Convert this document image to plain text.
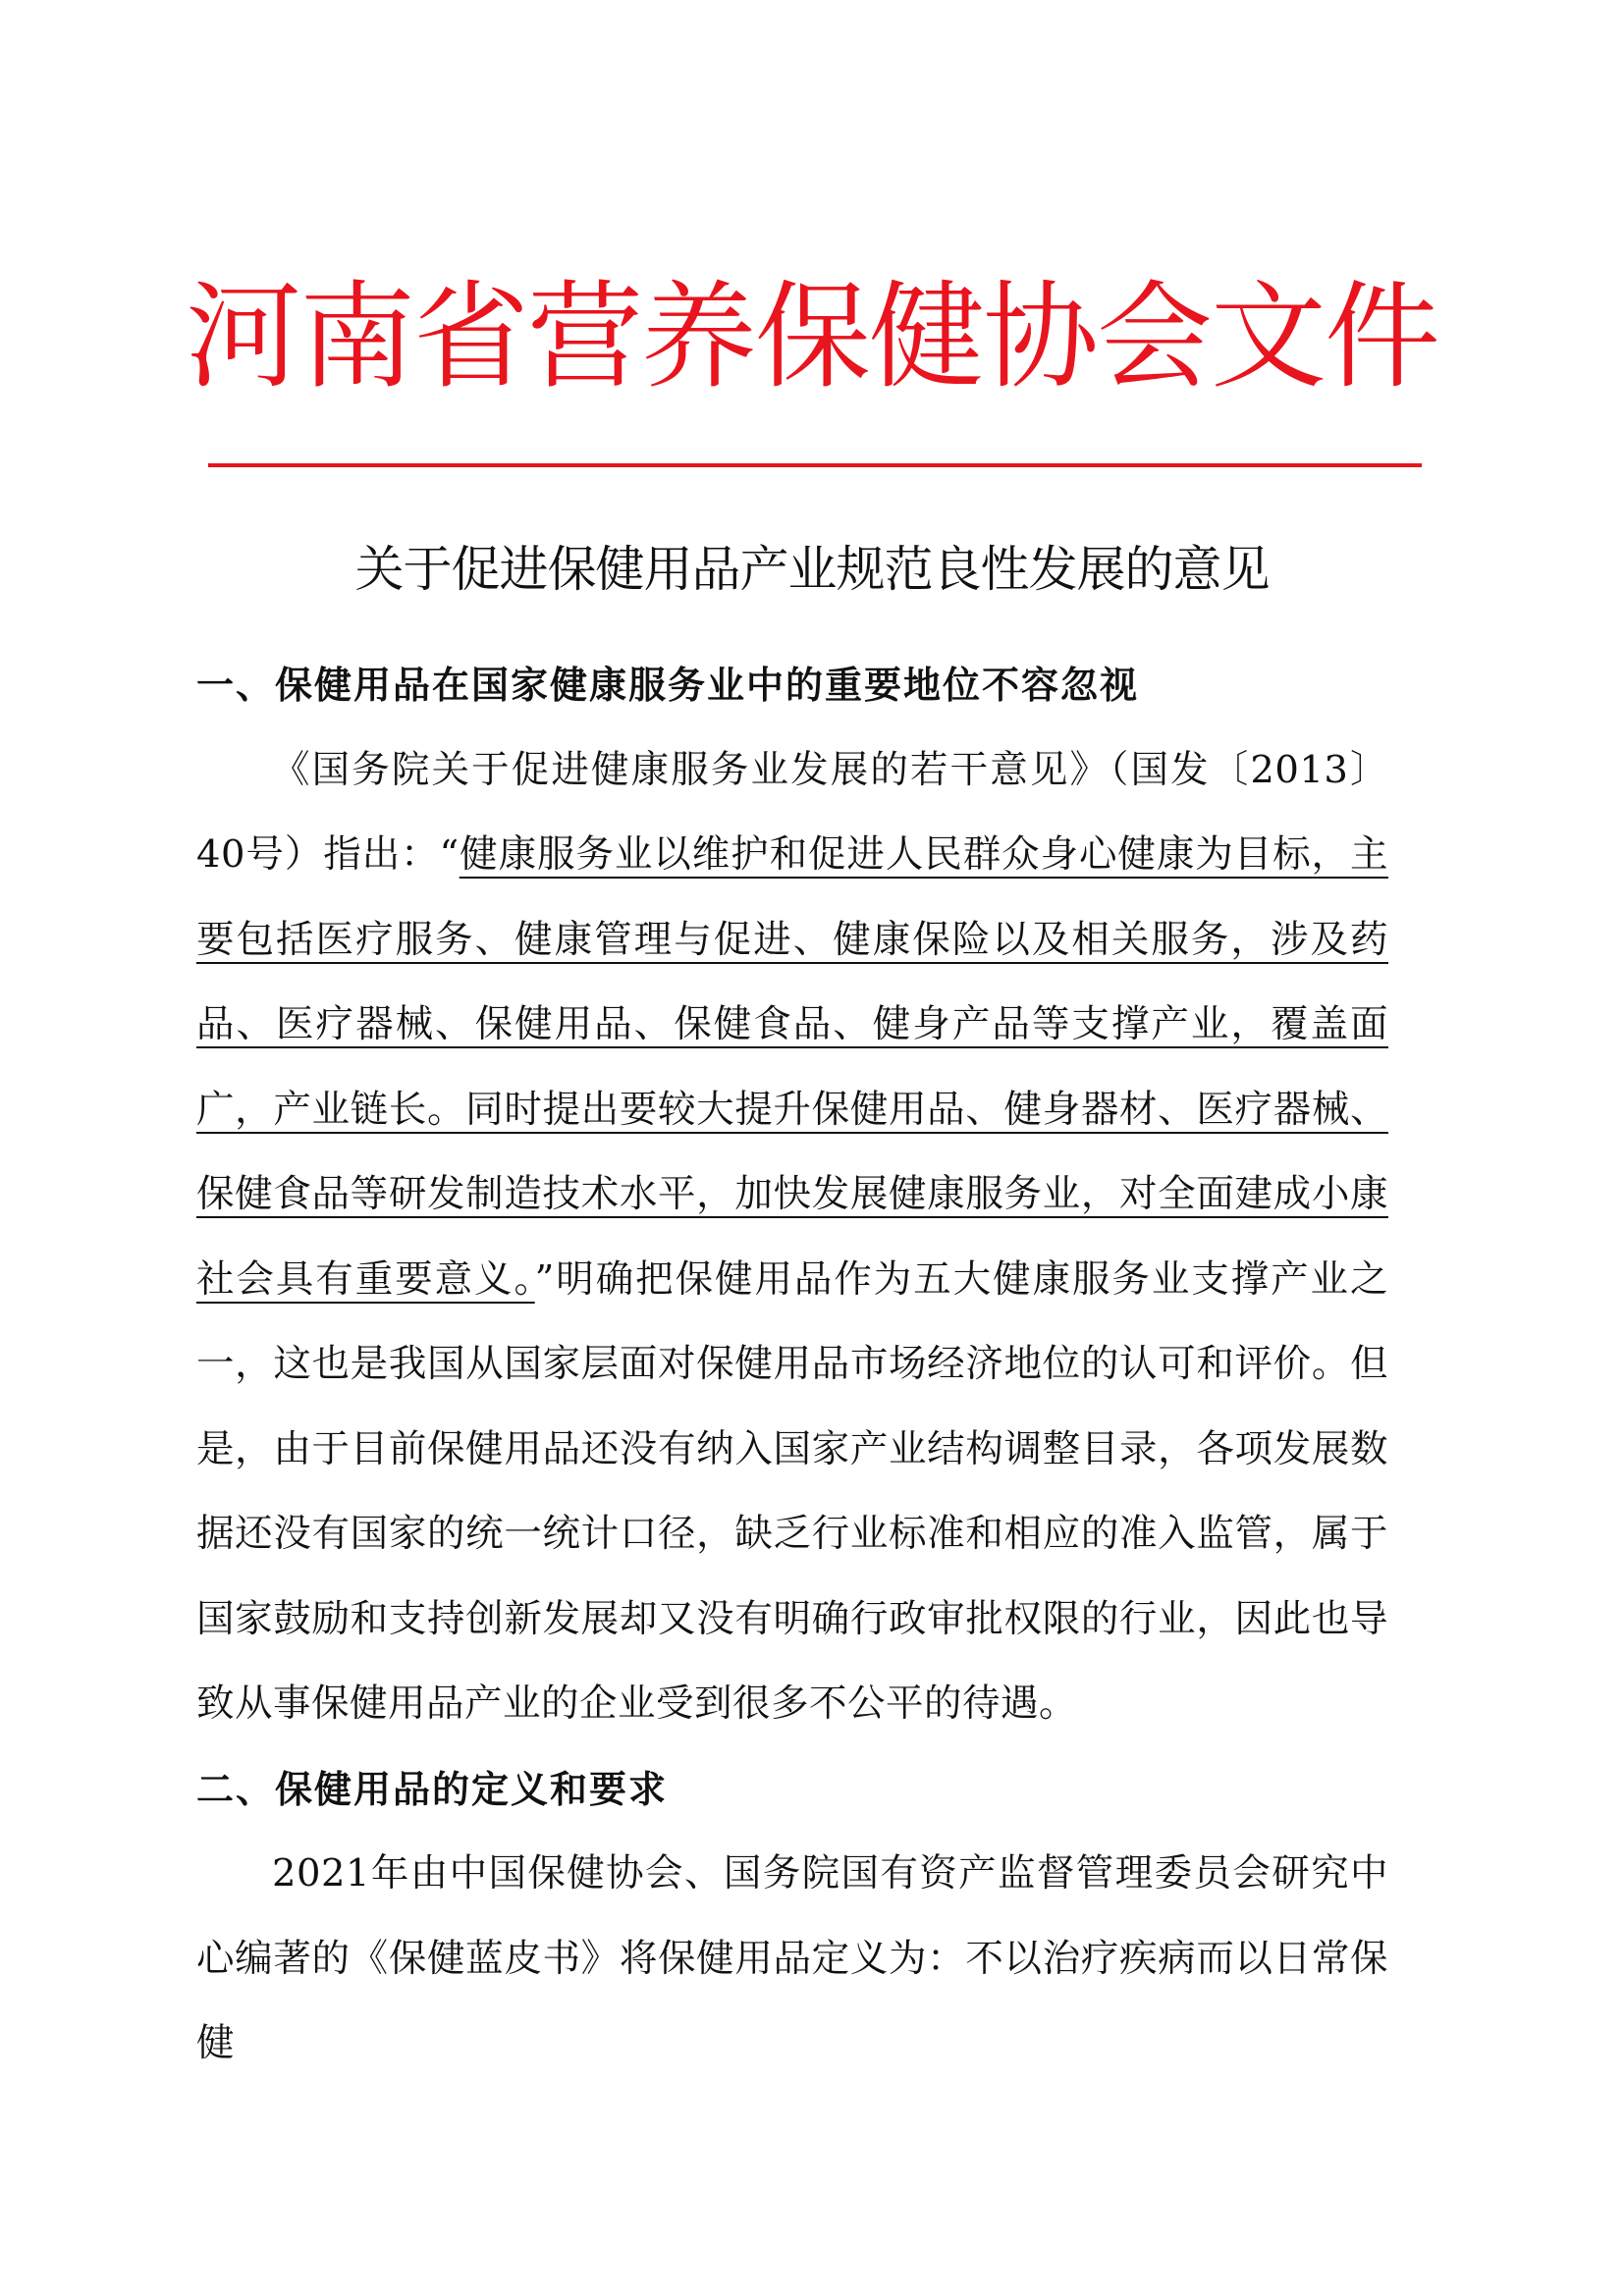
河南省营养保健协会文件
关于促进保健用品产业规范良性发展的意见

一、保健用品在国家健康服务业中的重要地位不容忽视

《国务院关于促进健康服务业发展的若干意见》（国发〔2013〕40号）指出：“健康服务业以维护和促进人民群众身心健康为目标，主要包括医疗服务、健康管理与促进、健康保险以及相关服务，涉及药品、医疗器械、保健用品、保健食品、健身产品等支撑产业，覆盖面广，产业链长。同时提出要较大提升保健用品、健身器材、医疗器械、保健食品等研发制造技术水平，加快发展健康服务业，对全面建成小康社会具有重要意义。”明确把保健用品作为五大健康服务业支撑产业之一，这也是我国从国家层面对保健用品市场经济地位的认可和评价。但是，由于目前保健用品还没有纳入国家产业结构调整目录，各项发展数据还没有国家的统一统计口径，缺乏行业标准和相应的准入监管，属于国家鼓励和支持创新发展却又没有明确行政审批权限的行业，因此也导致从事保健用品产业的企业受到很多不公平的待遇。

二、保健用品的定义和要求

2021年由中国保健协会、国务院国有资产监督管理委员会研究中心编著的《保健蓝皮书》将保健用品定义为：不以治疗疾病而以日常保健
